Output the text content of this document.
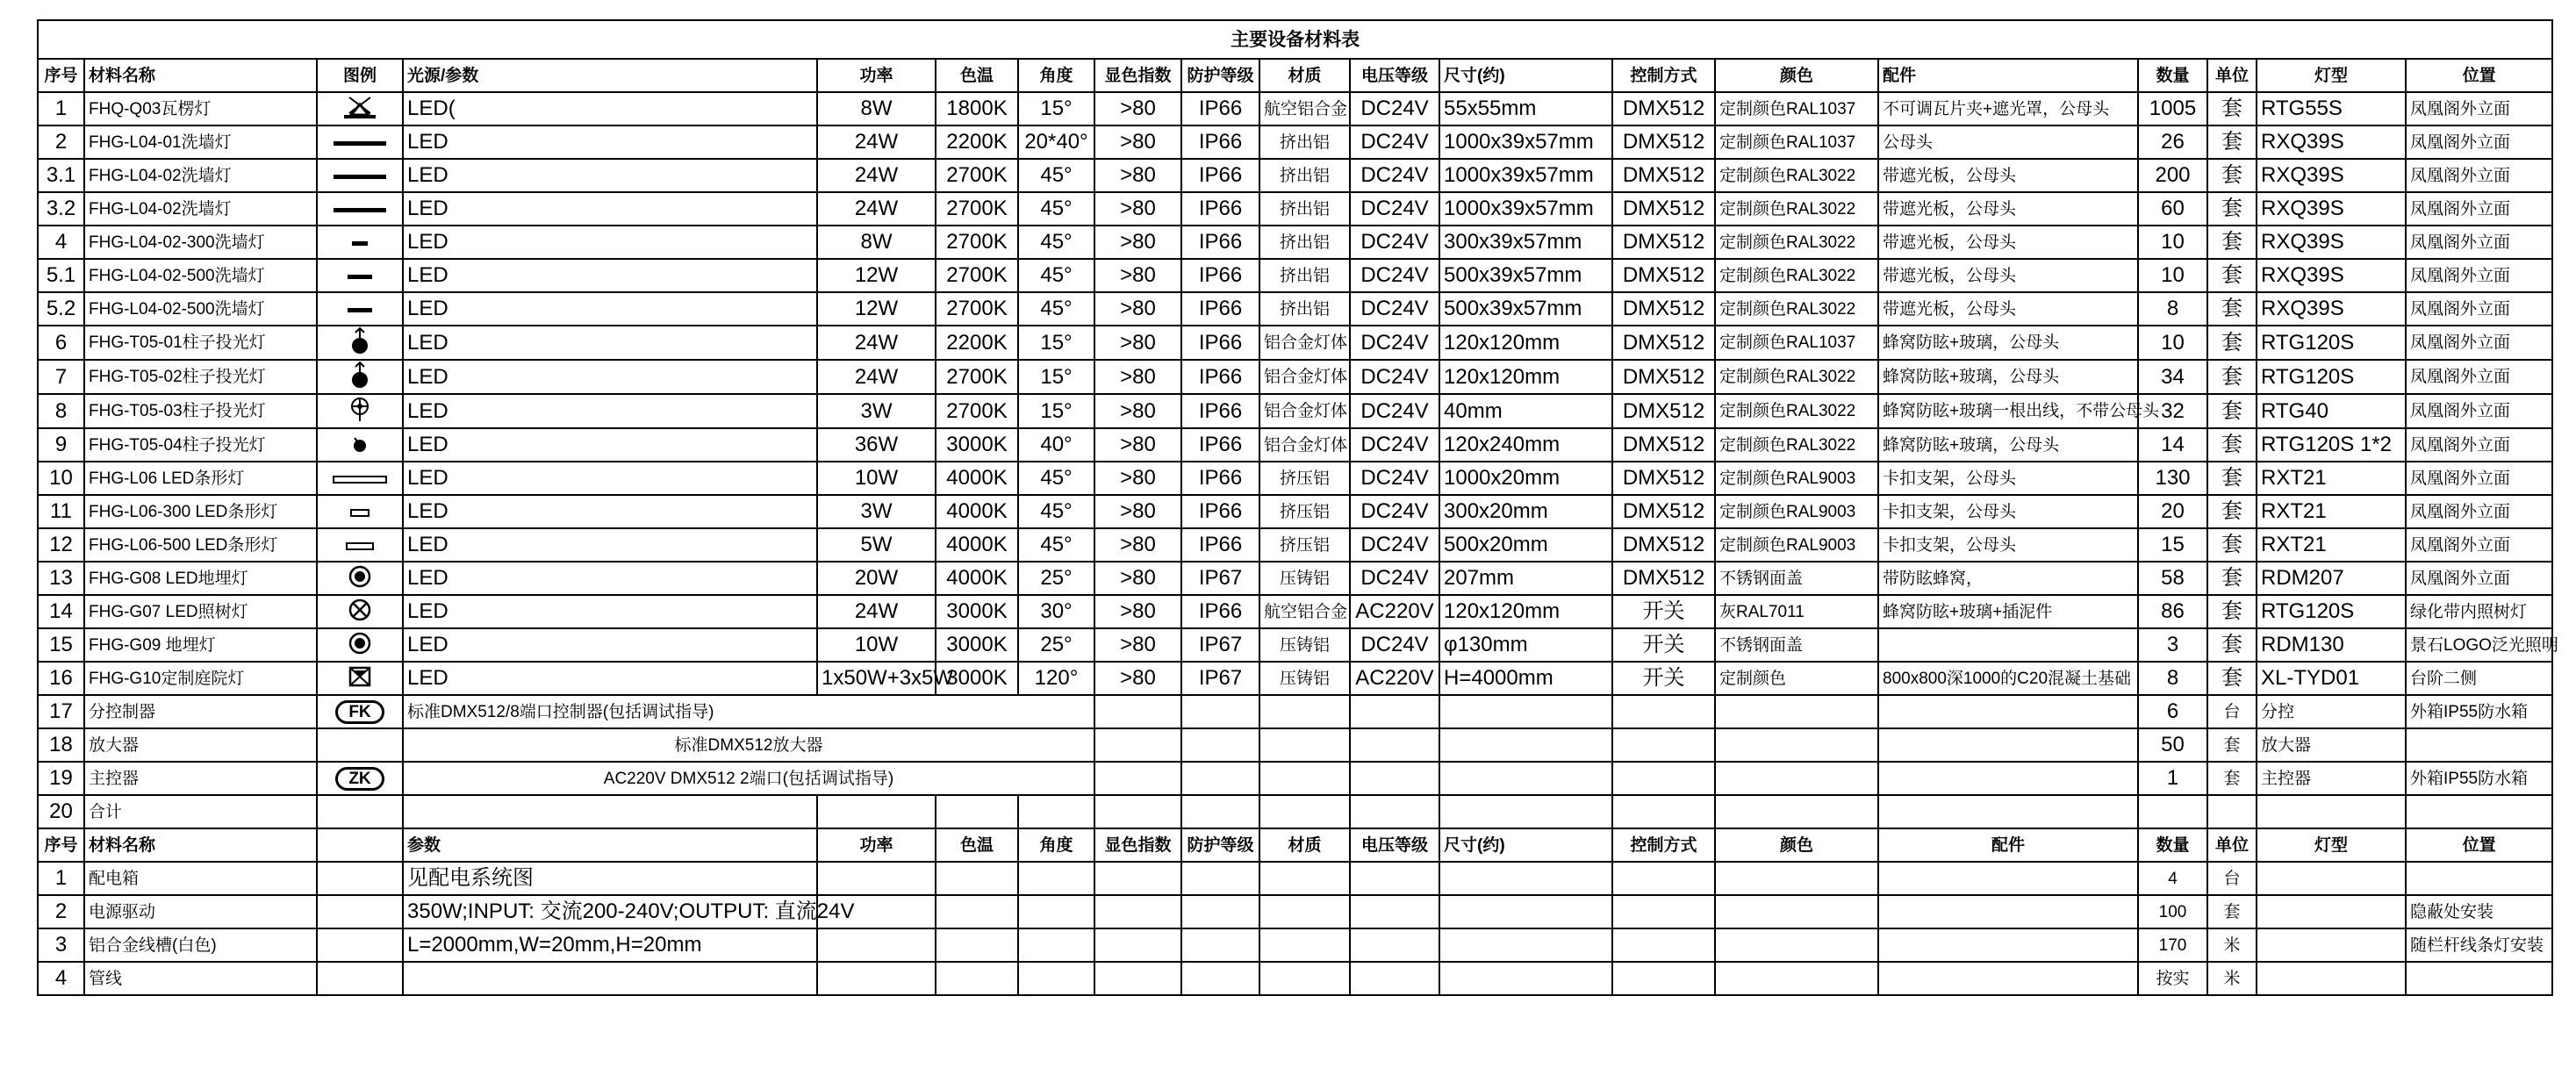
主要设备材料表																		
序号	材料名称	图例	光源/参数	功率	色温	角度	显色指数	防护等级	材质	电压等级	尺寸(约)	控制方式	颜色	配件	数量	单位	灯型	位置
1	FHQ-Q03瓦楞灯		LED(	8W	1800K	15°	>80	IP66	航空铝合金	DC24V	55x55mm	DMX512	定制颜色RAL1037	不可调瓦片夹+遮光罩，公母头	1005	套	RTG55S	凤凰阁外立面
2	FHG-L04-01洗墙灯		LED	24W	2200K	20*40°	>80	IP66	挤出铝	DC24V	1000x39x57mm	DMX512	定制颜色RAL1037	公母头	26	套	RXQ39S	凤凰阁外立面
3.1	FHG-L04-02洗墙灯		LED	24W	2700K	45°	>80	IP66	挤出铝	DC24V	1000x39x57mm	DMX512	定制颜色RAL3022	带遮光板，公母头	200	套	RXQ39S	凤凰阁外立面
3.2	FHG-L04-02洗墙灯		LED	24W	2700K	45°	>80	IP66	挤出铝	DC24V	1000x39x57mm	DMX512	定制颜色RAL3022	带遮光板，公母头	60	套	RXQ39S	凤凰阁外立面
4	FHG-L04-02-300洗墙灯		LED	8W	2700K	45°	>80	IP66	挤出铝	DC24V	300x39x57mm	DMX512	定制颜色RAL3022	带遮光板，公母头	10	套	RXQ39S	凤凰阁外立面
5.1	FHG-L04-02-500洗墙灯		LED	12W	2700K	45°	>80	IP66	挤出铝	DC24V	500x39x57mm	DMX512	定制颜色RAL3022	带遮光板，公母头	10	套	RXQ39S	凤凰阁外立面
5.2	FHG-L04-02-500洗墙灯		LED	12W	2700K	45°	>80	IP66	挤出铝	DC24V	500x39x57mm	DMX512	定制颜色RAL3022	带遮光板，公母头	8	套	RXQ39S	凤凰阁外立面
6	FHG-T05-01柱子投光灯		LED	24W	2200K	15°	>80	IP66	铝合金灯体	DC24V	120x120mm	DMX512	定制颜色RAL1037	蜂窝防眩+玻璃，公母头	10	套	RTG120S	凤凰阁外立面
7	FHG-T05-02柱子投光灯		LED	24W	2700K	15°	>80	IP66	铝合金灯体	DC24V	120x120mm	DMX512	定制颜色RAL3022	蜂窝防眩+玻璃，公母头	34	套	RTG120S	凤凰阁外立面
8	FHG-T05-03柱子投光灯		LED	3W	2700K	15°	>80	IP66	铝合金灯体	DC24V	40mm	DMX512	定制颜色RAL3022	蜂窝防眩+玻璃一根出线，不带公母头	32	套	RTG40	凤凰阁外立面
9	FHG-T05-04柱子投光灯		LED	36W	3000K	40°	>80	IP66	铝合金灯体	DC24V	120x240mm	DMX512	定制颜色RAL3022	蜂窝防眩+玻璃，公母头	14	套	RTG120S 1*2	凤凰阁外立面
10	FHG-L06 LED条形灯		LED	10W	4000K	45°	>80	IP66	挤压铝	DC24V	1000x20mm	DMX512	定制颜色RAL9003	卡扣支架，公母头	130	套	RXT21	凤凰阁外立面
11	FHG-L06-300 LED条形灯		LED	3W	4000K	45°	>80	IP66	挤压铝	DC24V	300x20mm	DMX512	定制颜色RAL9003	卡扣支架，公母头	20	套	RXT21	凤凰阁外立面
12	FHG-L06-500 LED条形灯		LED	5W	4000K	45°	>80	IP66	挤压铝	DC24V	500x20mm	DMX512	定制颜色RAL9003	卡扣支架，公母头	15	套	RXT21	凤凰阁外立面
13	FHG-G08 LED地埋灯		LED	20W	4000K	25°	>80	IP67	压铸铝	DC24V	207mm	DMX512	不锈钢面盖	带防眩蜂窝，	58	套	RDM207	凤凰阁外立面
14	FHG-G07 LED照树灯		LED	24W	3000K	30°	>80	IP66	航空铝合金	AC220V	120x120mm	开关	灰RAL7011	蜂窝防眩+玻璃+插泥件	86	套	RTG120S	绿化带内照树灯
15	FHG-G09 地埋灯		LED	10W	3000K	25°	>80	IP67	压铸铝	DC24V	φ130mm	开关	不锈钢面盖		3	套	RDM130	景石LOGO泛光照明
16	FHG-G10定制庭院灯		LED	1x50W+3x5W	3000K	120°	>80	IP67	压铸铝	AC220V	H=4000mm	开关	定制颜色	800x800深1000的C20混凝土基础	8	套	XL-TYD01	台阶二侧
17	分控制器	FK	标准DMX512/8端口控制器(包括调试指导)												6	台	分控	外箱IP55防水箱
18	放大器		标准DMX512放大器												50	套	放大器	
19	主控器	ZK	AC220V DMX512 2端口(包括调试指导)												1	套	主控器	外箱IP55防水箱
20	合计																	
序号	材料名称		参数	功率	色温	角度	显色指数	防护等级	材质	电压等级	尺寸(约)	控制方式	颜色	配件	数量	单位	灯型	位置
1	配电箱		见配电系统图												4	台		
2	电源驱动		350W;INPUT: 交流200-240V;OUTPUT: 直流24V												100	套		隐蔽处安装
3	铝合金线槽(白色)		L=2000mm,W=20mm,H=20mm												170	米		随栏杆线条灯安装
4	管线														按实	米		
